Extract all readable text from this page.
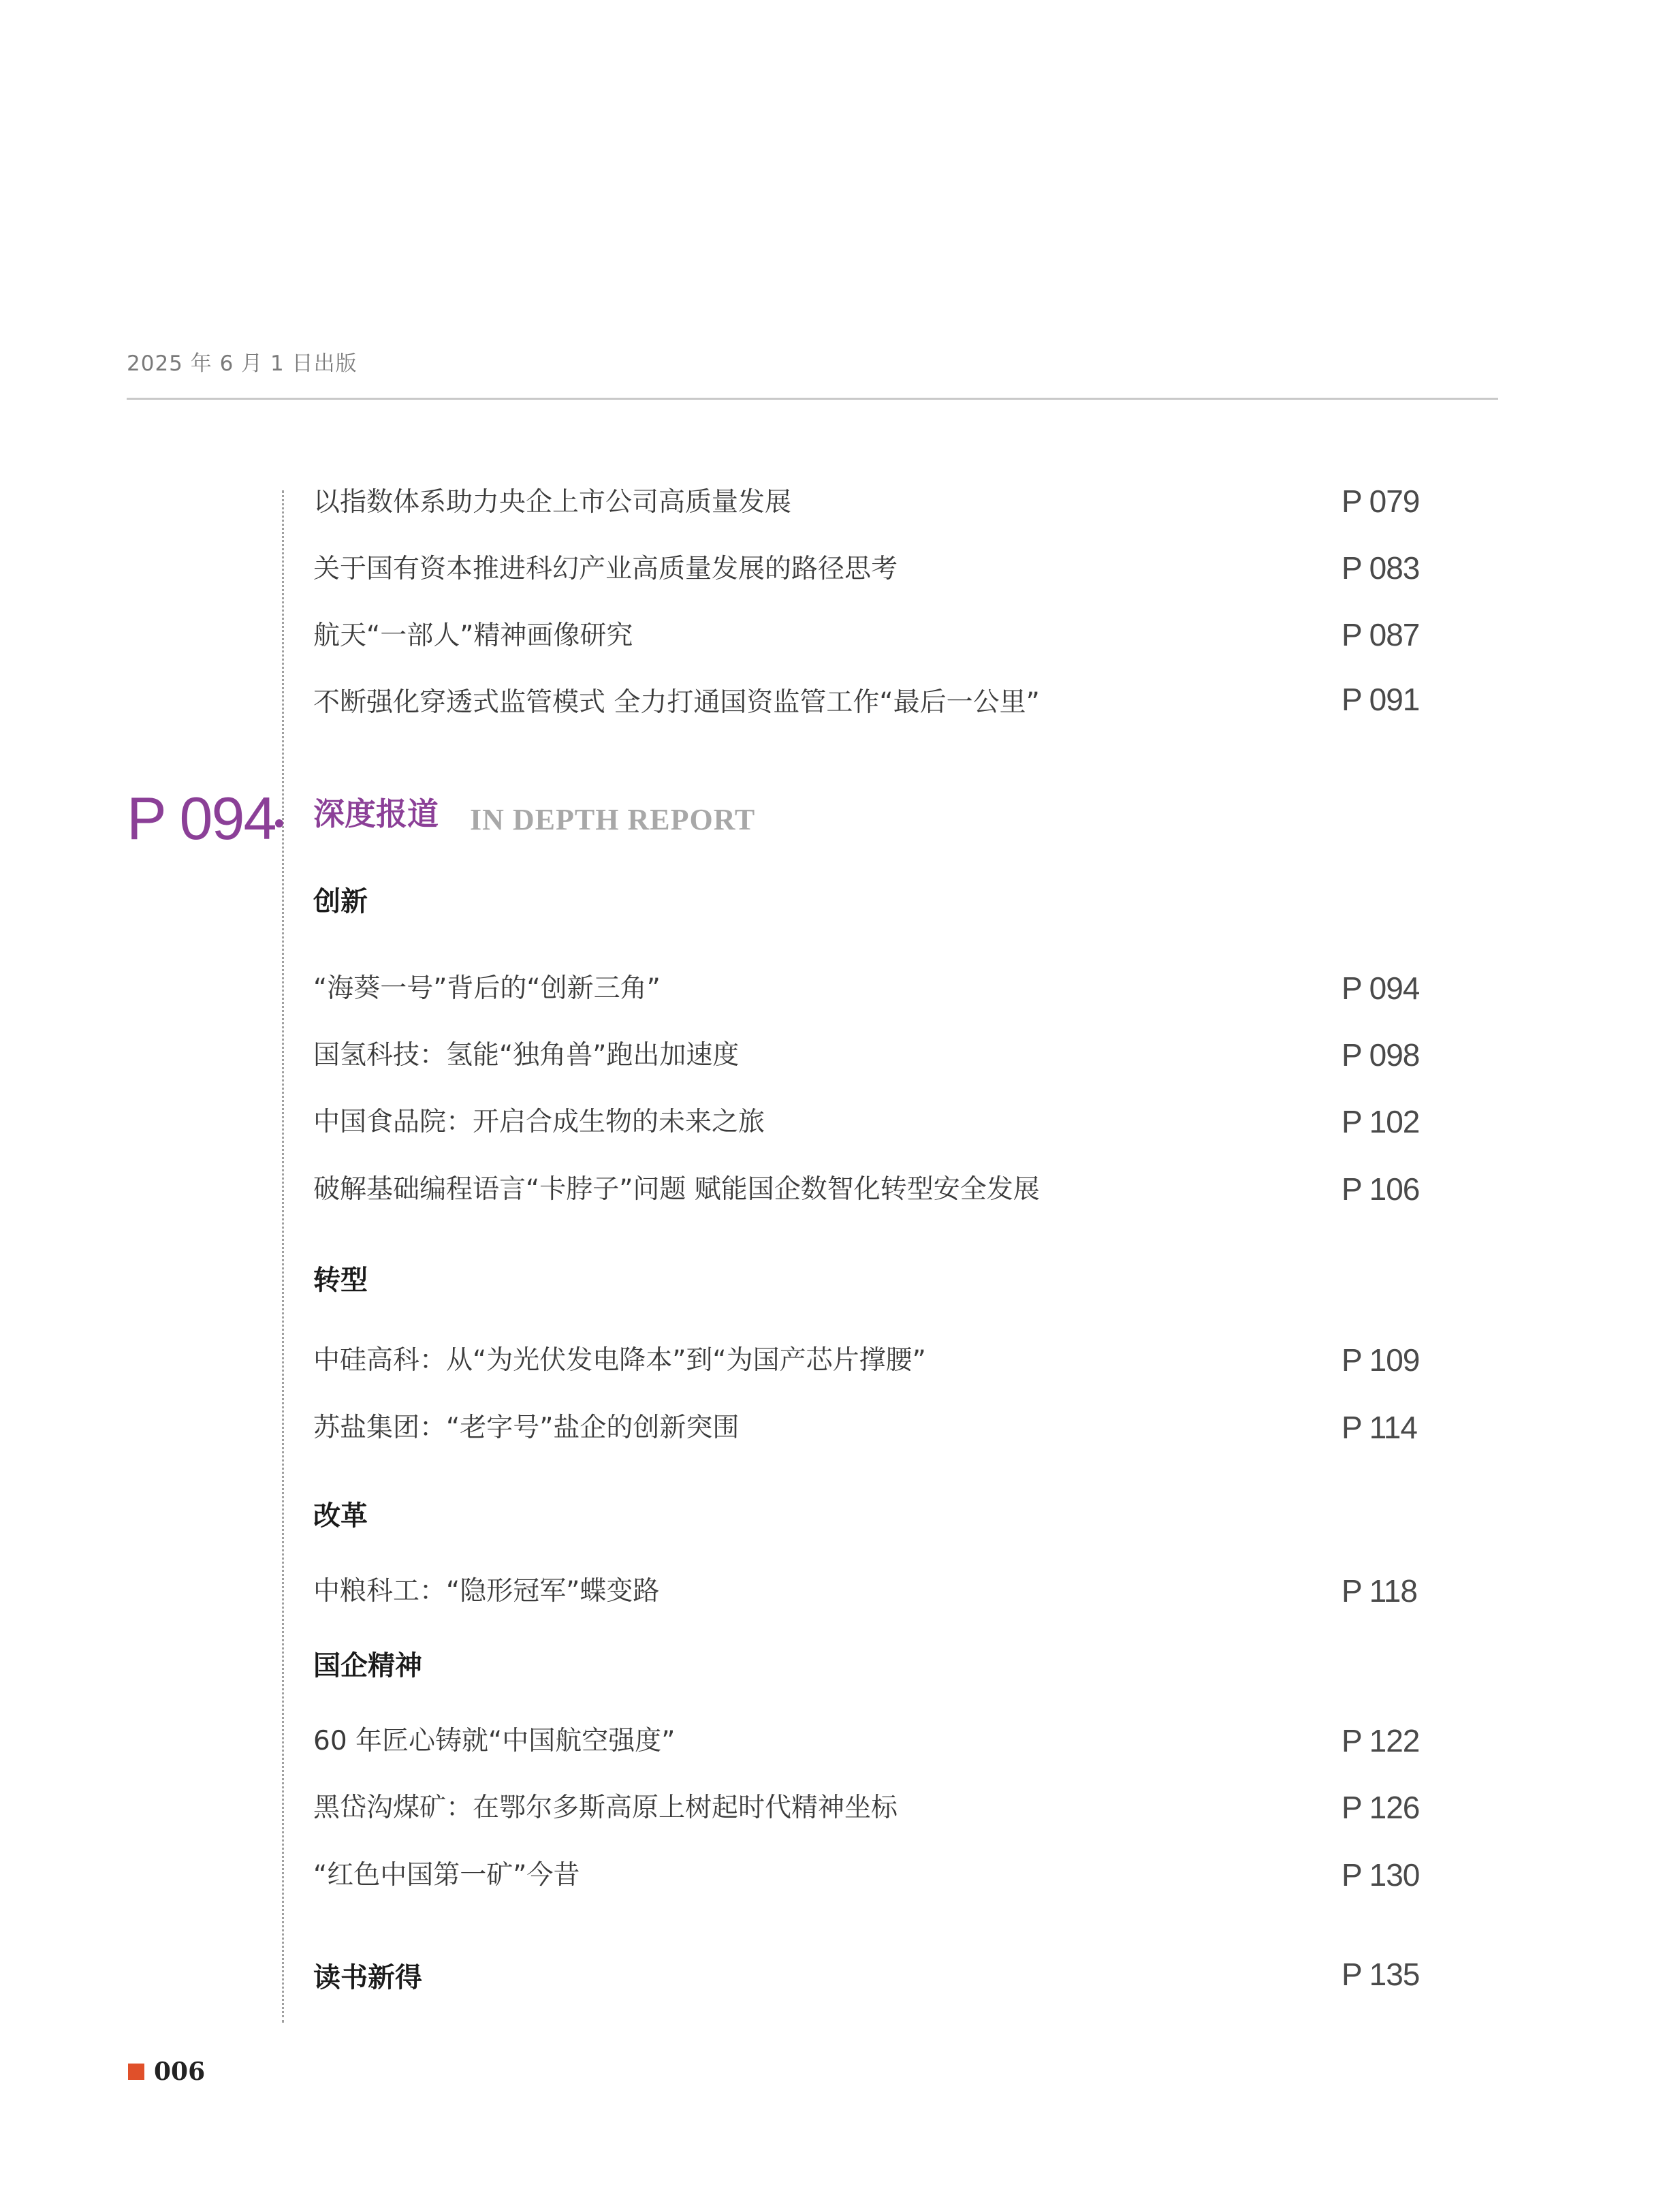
2025 年 6 月 1 日出版
以指数体系助力央企上市公司高质量发展	P 079
关于国有资本推进科幻产业高质量发展的路径思考	P 083
航天“一部人”精神画像研究	P 087
不断强化穿透式监管模式 全力打通国资监管工作“最后一公里”	P 091
P 094 深度报道 IN DEPTH REPORT
创新
“海葵一号”背后的“创新三角”	P 094
国氢科技：氢能“独角兽”跑出加速度	P 098
中国食品院：开启合成生物的未来之旅	P 102
破解基础编程语言“卡脖子”问题 赋能国企数智化转型安全发展	P 106
转型
中硅高科：从“为光伏发电降本”到“为国产芯片撑腰”	P 109
苏盐集团：“老字号”盐企的创新突围	P 114
改革
中粮科工：“隐形冠军”蝶变路	P 118
国企精神
60 年匠心铸就“中国航空强度”	P 122
黑岱沟煤矿：在鄂尔多斯高原上树起时代精神坐标	P 126
“红色中国第一矿”今昔	P 130
读书新得	P 135
006
